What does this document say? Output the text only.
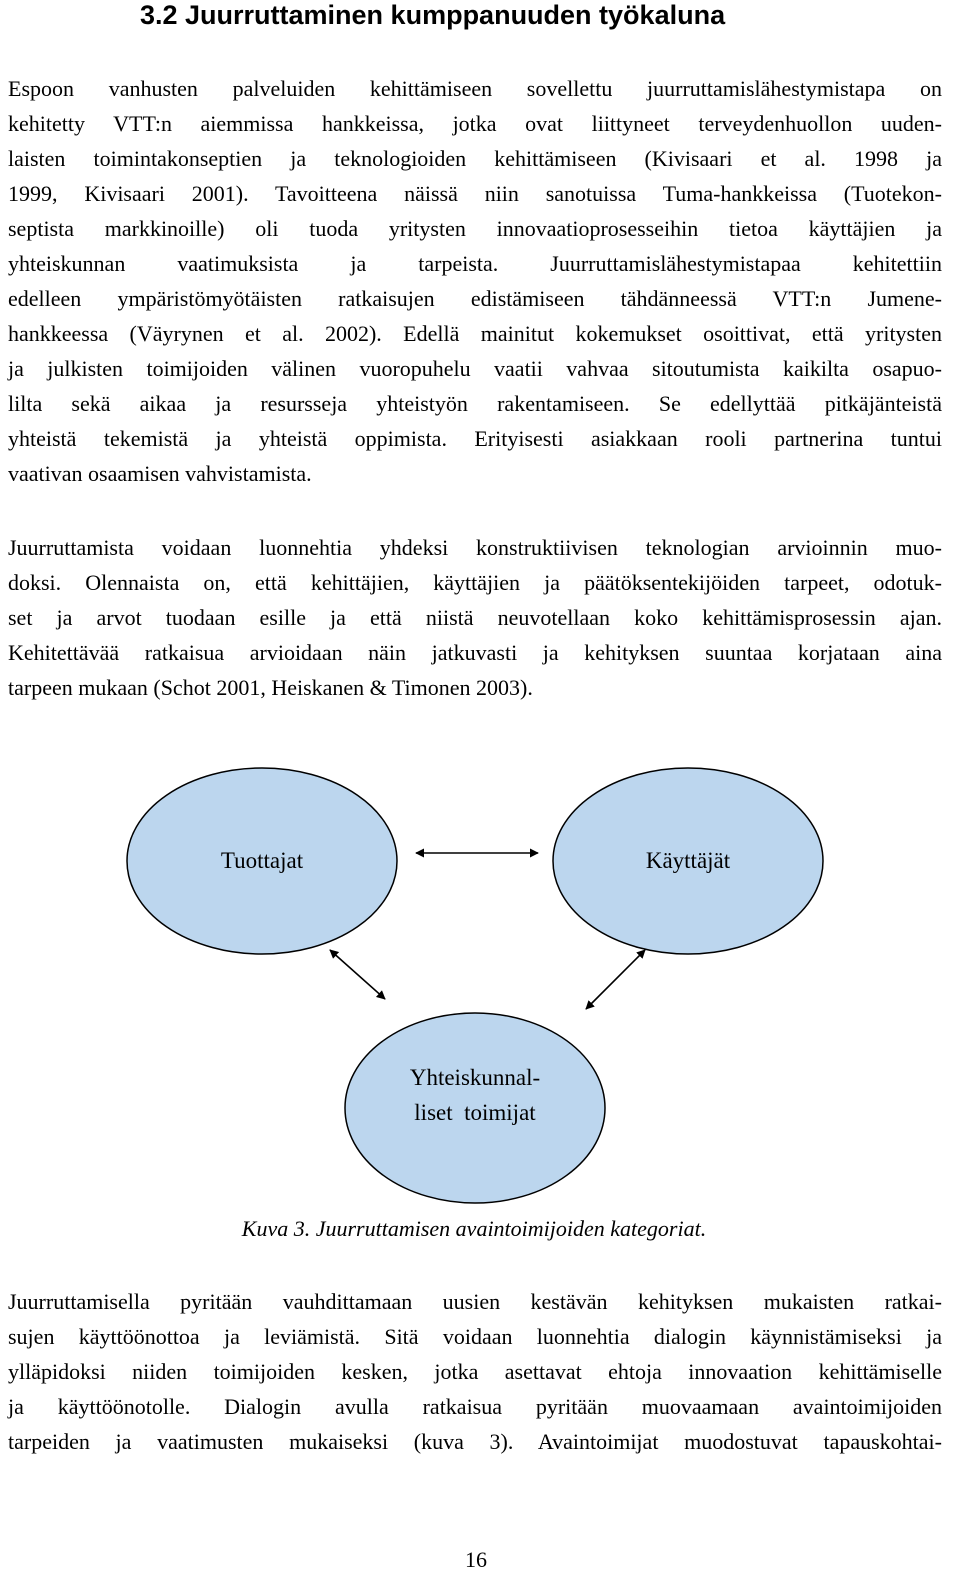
3.2 Juurruttaminen kumppanuuden työkaluna
Espoon vanhusten palveluiden kehittämiseen sovellettu juurruttamislähestymistapa on
kehitetty VTT:n aiemmissa hankkeissa, jotka ovat liittyneet terveydenhuollon uuden-
laisten toimintakonseptien ja teknologioiden kehittämiseen (Kivisaari et al. 1998 ja
1999, Kivisaari 2001). Tavoitteena näissä niin sanotuissa Tuma-hankkeissa (Tuotekon-
septista markkinoille) oli tuoda yritysten innovaatioprosesseihin tietoa käyttäjien ja
yhteiskunnan vaatimuksista ja tarpeista. Juurruttamislähestymistapaa kehitettiin
edelleen ympäristömyötäisten ratkaisujen edistämiseen tähdänneessä VTT:n Jumene-
hankkeessa (Väyrynen et al. 2002). Edellä mainitut kokemukset osoittivat, että yritysten
ja julkisten toimijoiden välinen vuoropuhelu vaatii vahvaa sitoutumista kaikilta osapuo-
lilta sekä aikaa ja resursseja yhteistyön rakentamiseen. Se edellyttää pitkäjänteistä
yhteistä tekemistä ja yhteistä oppimista. Erityisesti asiakkaan rooli partnerina tuntui
vaativan osaamisen vahvistamista.
Juurruttamista voidaan luonnehtia yhdeksi konstruktiivisen teknologian arvioinnin muo-
doksi. Olennaista on, että kehittäjien, käyttäjien ja päätöksentekijöiden tarpeet, odotuk-
set ja arvot tuodaan esille ja että niistä neuvotellaan koko kehittämisprosessin ajan.
Kehitettävää ratkaisua arvioidaan näin jatkuvasti ja kehityksen suuntaa korjataan aina
tarpeen mukaan (Schot 2001, Heiskanen & Timonen 2003).
Tuottajat	Käyttäjät
Yhteiskunnal-
liset  toimijat

Kuva 3. Juurruttamisen avaintoimijoiden kategoriat.

Juurruttamisella pyritään vauhdittamaan uusien kestävän kehityksen mukaisten ratkai-
sujen käyttöönottoa ja leviämistä. Sitä voidaan luonnehtia dialogin käynnistämiseksi ja
ylläpidoksi niiden toimijoiden kesken, jotka asettavat ehtoja innovaation kehittämiselle
ja käyttöönotolle. Dialogin avulla ratkaisua pyritään muovaamaan avaintoimijoiden
tarpeiden ja vaatimusten mukaiseksi (kuva 3). Avaintoimijat muodostuvat tapauskohtai-

16
